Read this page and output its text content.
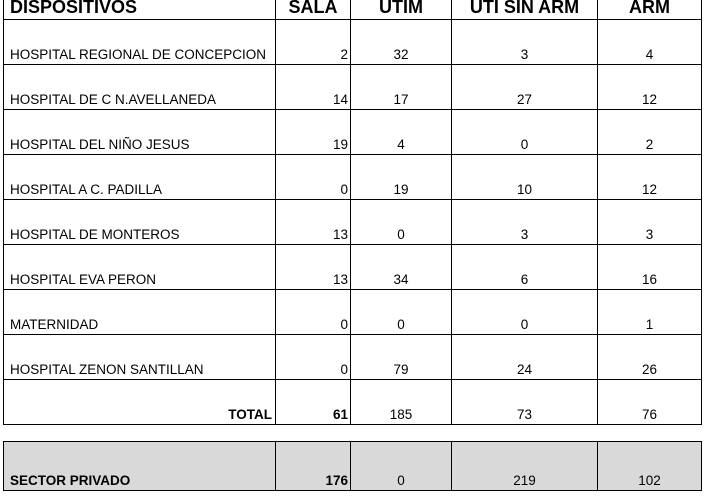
DISPOSITIVOS	SALA	UTIM	UTI SIN ARM	ARM
HOSPITAL REGIONAL DE CONCEPCION	2	32	3	4
HOSPITAL DE C N.AVELLANEDA	14	17	27	12
HOSPITAL DEL NIÑO JESUS	19	4	0	2
HOSPITAL A C. PADILLA	0	19	10	12
HOSPITAL DE MONTEROS	13	0	3	3
HOSPITAL EVA PERON	13	34	6	16
MATERNIDAD	0	0	0	1
HOSPITAL ZENON SANTILLAN	0	79	24	26
TOTAL	61	185	73	76
SECTOR PRIVADO	176	0	219	102
